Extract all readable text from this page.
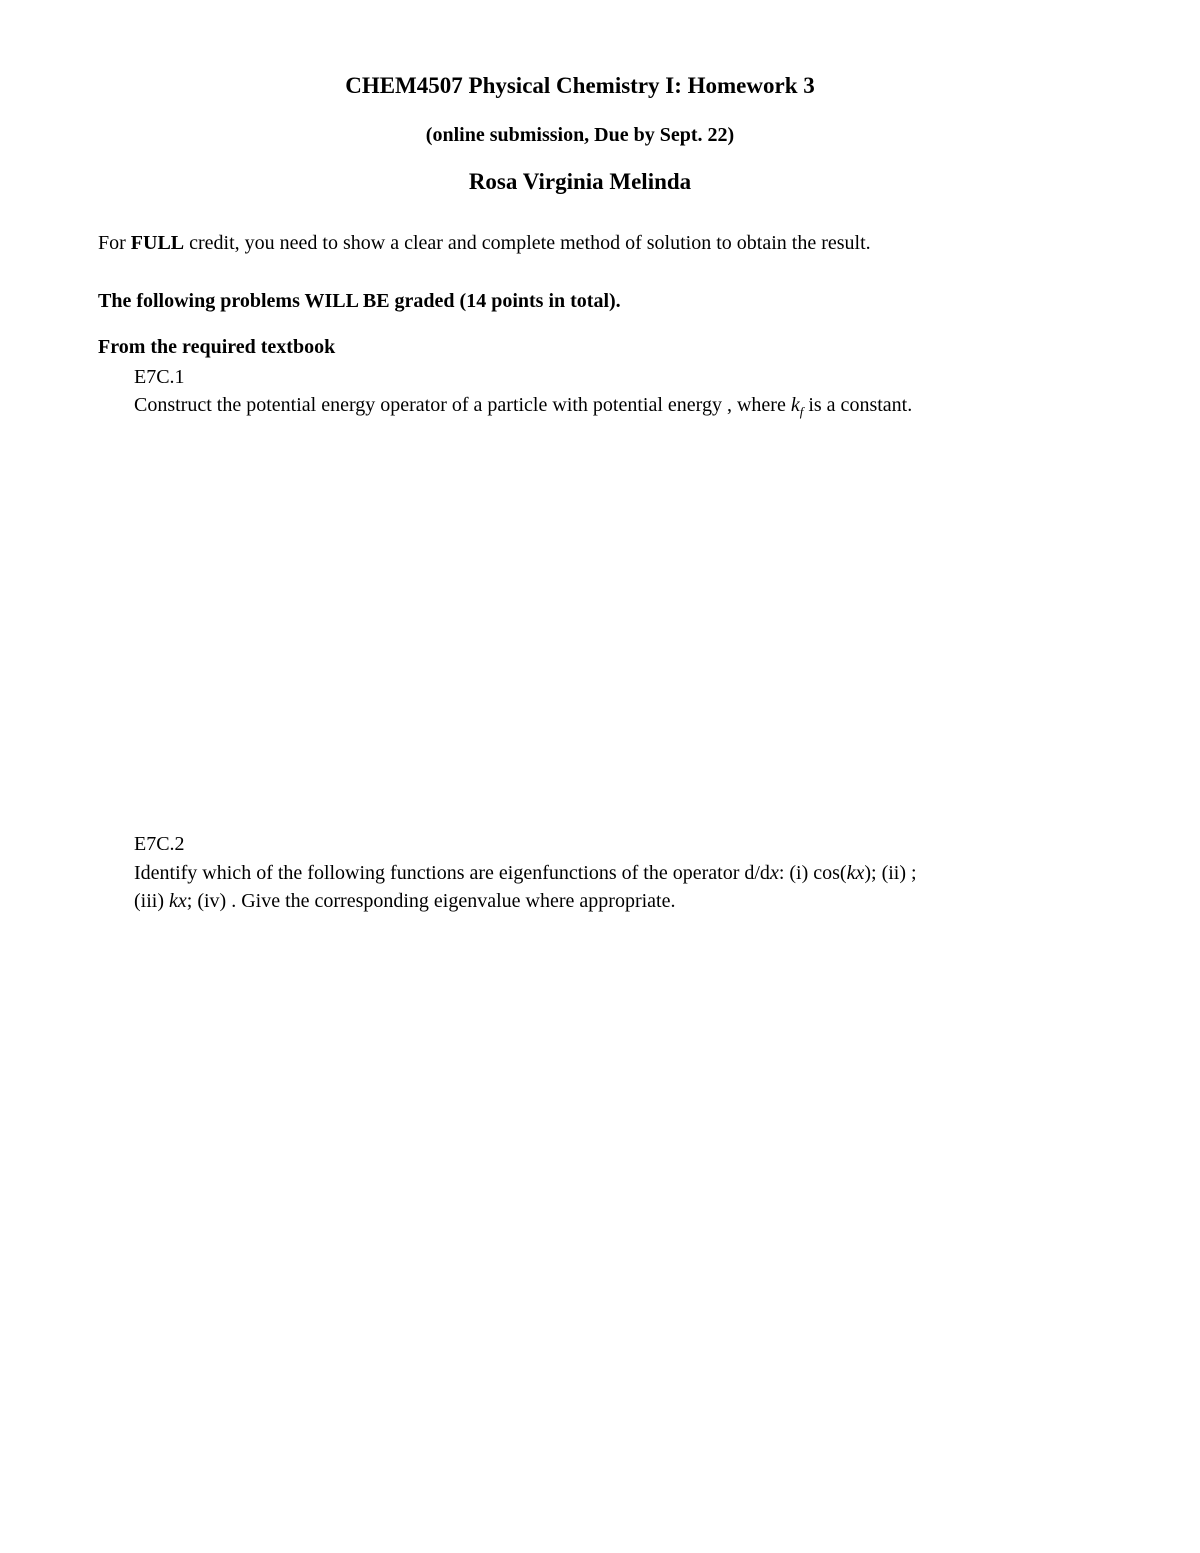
CHEM4507 Physical Chemistry I: Homework 3
(online submission, Due by Sept. 22)
Rosa Virginia Melinda
For FULL credit, you need to show a clear and complete method of solution to obtain the result.
The following problems WILL BE graded (14 points in total).
From the required textbook
E7C.1
Construct the potential energy operator of a particle with potential energy , where $k_f$ is a constant.
E7C.2
Identify which of the following functions are eigenfunctions of the operator d/dx: (i) cos(kx); (ii) ;
(iii) kx; (iv) . Give the corresponding eigenvalue where appropriate.
